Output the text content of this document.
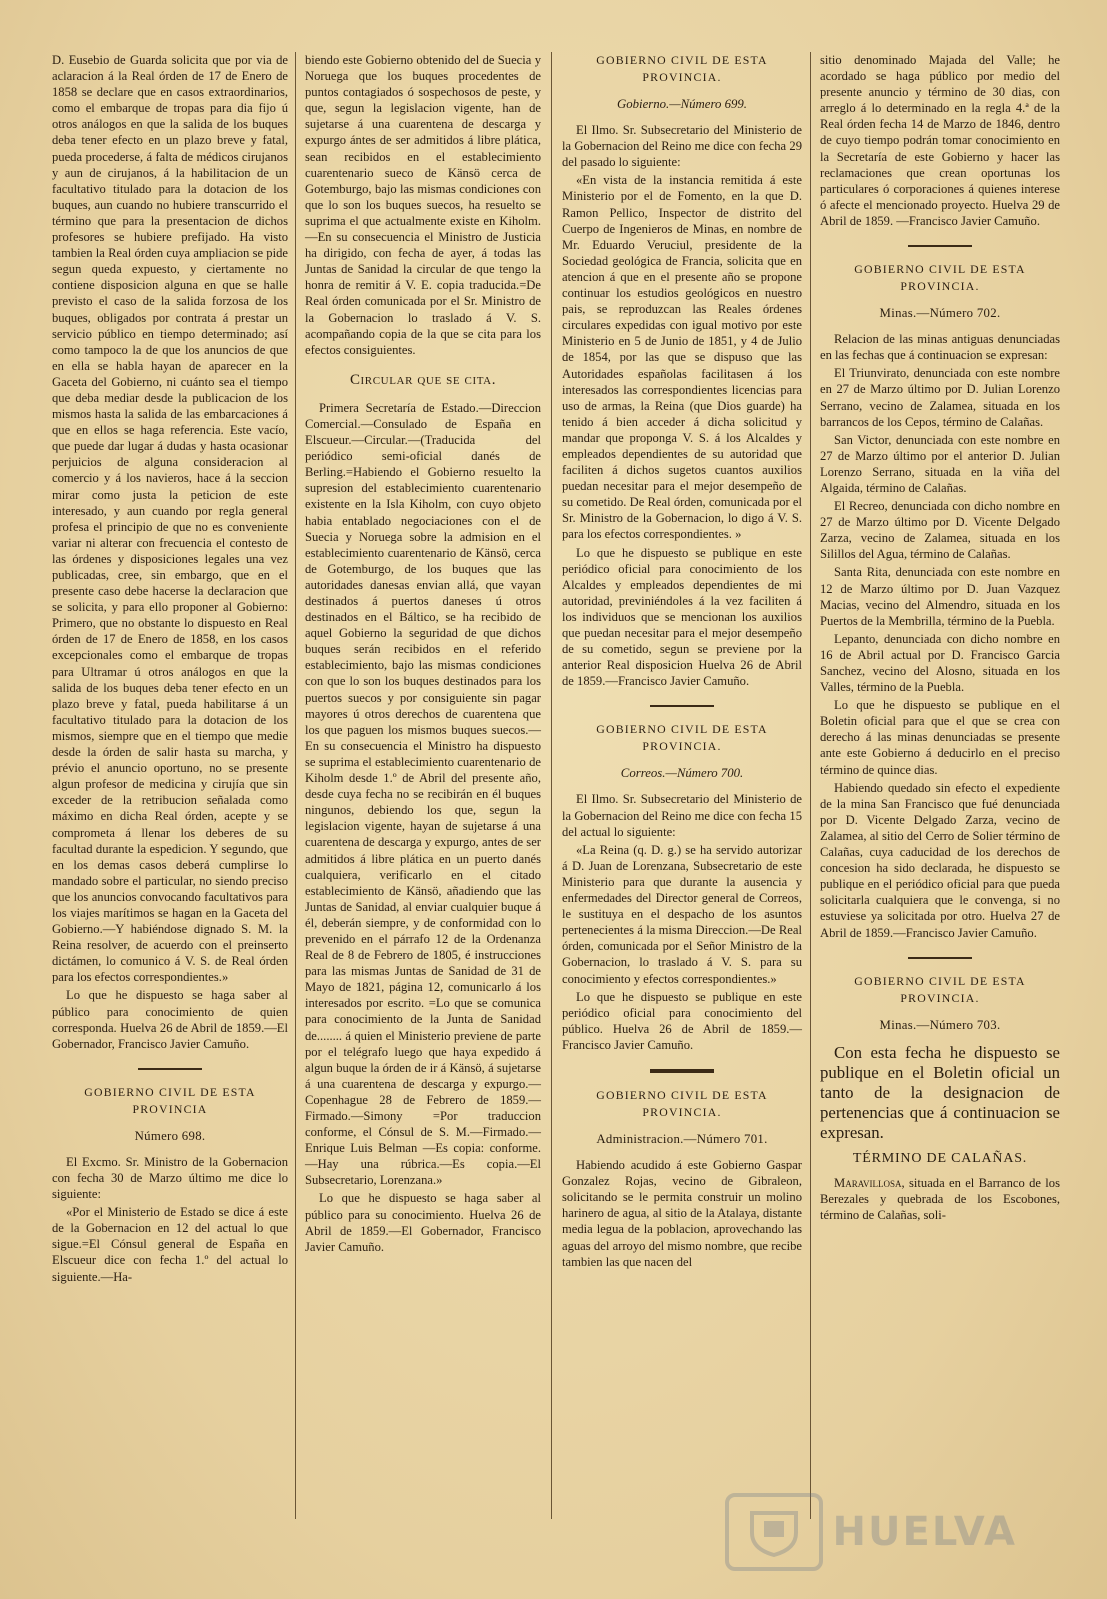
D. Eusebio de Guarda solicita que por via de aclaracion á la Real órden de 17 de Enero de 1858 se declare que en casos extraordinarios, como el embarque de tropas para dia fijo ú otros análogos en que la salida de los buques deba tener efecto en un plazo breve y fatal, pueda procederse, á falta de médicos cirujanos y aun de cirujanos, á la habilitacion de un facultativo titulado para la dotacion de los buques, aun cuando no hubiere transcurrido el término que para la presentacion de dichos profesores se hubiere prefijado. Ha visto tambien la Real órden cuya ampliacion se pide segun queda expuesto, y ciertamente no contiene disposicion alguna en que se halle previsto el caso de la salida forzosa de los buques, obligados por contrata á prestar un servicio público en tiempo determinado; así como tampoco la de que los anuncios de que en ella se habla hayan de aparecer en la Gaceta del Gobierno, ni cuánto sea el tiempo que deba mediar desde la publicacion de los mismos hasta la salida de las embarcaciones á que en ellos se haga referencia. Este vacío, que puede dar lugar á dudas y hasta ocasionar perjuicios de alguna consideracion al comercio y á los navieros, hace á la seccion mirar como justa la peticion de este interesado, y aun cuando por regla general profesa el principio de que no es conveniente variar ni alterar con frecuencia el contesto de las órdenes y disposiciones legales una vez publicadas, cree, sin embargo, que en el presente caso debe hacerse la declaracion que se solicita, y para ello proponer al Gobierno: Primero, que no obstante lo dispuesto en Real órden de 17 de Enero de 1858, en los casos excepcionales como el embarque de tropas para Ultramar ú otros análogos en que la salida de los buques deba tener efecto en un plazo breve y fatal, pueda habilitarse á un facultativo titulado para la dotacion de los mismos, siempre que en el tiempo que medie desde la órden de salir hasta su marcha, y prévio el anuncio oportuno, no se presente algun profesor de medicina y cirujía que sin exceder de la retribucion señalada como máximo en dicha Real órden, acepte y se comprometa á llenar los deberes de su facultad durante la espedicion. Y segundo, que en los demas casos deberá cumplirse lo mandado sobre el particular, no siendo preciso que los anuncios convocando facultativos para los viajes marítimos se hagan en la Gaceta del Gobierno.—Y habiéndose dignado S. M. la Reina resolver, de acuerdo con el preinserto dictámen, lo comunico á V. S. de Real órden para los efectos correspondientes.»

Lo que he dispuesto se haga saber al público para conocimiento de quien corresponda. Huelva 26 de Abril de 1859.—El Gobernador, Francisco Javier Camuño.

GOBIERNO CIVIL DE ESTA PROVINCIA
Número 698.

El Excmo. Sr. Ministro de la Gobernacion con fecha 30 de Marzo último me dice lo siguiente:

«Por el Ministerio de Estado se dice á este de la Gobernacion en 12 del actual lo que sigue.=El Cónsul general de España en Elscueur dice con fecha 1.º del actual lo siguiente.—Ha-

biendo este Gobierno obtenido del de Suecia y Noruega que los buques procedentes de puntos contagiados ó sospechosos de peste, y que, segun la legislacion vigente, han de sujetarse á una cuarentena de descarga y expurgo ántes de ser admitidos á libre plática, sean recibidos en el establecimiento cuarentenario sueco de Känsö cerca de Gotemburgo, bajo las mismas condiciones con que lo son los buques suecos, ha resuelto se suprima el que actualmente existe en Kiholm.—En su consecuencia el Ministro de Justicia ha dirigido, con fecha de ayer, á todas las Juntas de Sanidad la circular de que tengo la honra de remitir á V. E. copia traducida.=De Real órden comunicada por el Sr. Ministro de la Gobernacion lo traslado á V. S. acompañando copia de la que se cita para los efectos consiguientes.

Circular que se cita.

Primera Secretaría de Estado.—Direccion Comercial.—Consulado de España en Elscueur.—Circular.—(Traducida del periódico semi-oficial danés de Berling.=Habiendo el Gobierno resuelto la supresion del establecimiento cuarentenario existente en la Isla Kiholm, con cuyo objeto habia entablado negociaciones con el de Suecia y Noruega sobre la admision en el establecimiento cuarentenario de Känsö, cerca de Gotemburgo, de los buques que las autoridades danesas envian allá, que vayan destinados á puertos daneses ú otros destinados en el Báltico, se ha recibido de aquel Gobierno la seguridad de que dichos buques serán recibidos en el referido establecimiento, bajo las mismas condiciones con que lo son los buques destinados para los puertos suecos y por consiguiente sin pagar mayores ú otros derechos de cuarentena que los que paguen los mismos buques suecos.—En su consecuencia el Ministro ha dispuesto se suprima el establecimiento cuarentenario de Kiholm desde 1.º de Abril del presente año, desde cuya fecha no se recibirán en él buques ningunos, debiendo los que, segun la legislacion vigente, hayan de sujetarse á una cuarentena de descarga y expurgo, antes de ser admitidos á libre plática en un puerto danés cualquiera, verificarlo en el citado establecimiento de Känsö, añadiendo que las Juntas de Sanidad, al enviar cualquier buque á él, deberán siempre, y de conformidad con lo prevenido en el párrafo 12 de la Ordenanza Real de 8 de Febrero de 1805, é instrucciones para las mismas Juntas de Sanidad de 31 de Mayo de 1821, página 12, comunicarlo á los interesados por escrito. =Lo que se comunica para conocimiento de la Junta de Sanidad de........ á quien el Ministerio previene de parte por el telégrafo luego que haya expedido á algun buque la órden de ir á Känsö, á sujetarse á una cuarentena de descarga y expurgo.—Copenhague 28 de Febrero de 1859.—Firmado.—Simony =Por traduccion conforme, el Cónsul de S. M.—Firmado.—Enrique Luis Belman —Es copia: conforme.—Hay una rúbrica.—Es copia.—El Subsecretario, Lorenzana.»

Lo que he dispuesto se haga saber al público para su conocimiento. Huelva 26 de Abril de 1859.—El Gobernador, Francisco Javier Camuño.

GOBIERNO CIVIL DE ESTA PROVINCIA.
Gobierno.—Número 699.

El Ilmo. Sr. Subsecretario del Ministerio de la Gobernacion del Reino me dice con fecha 29 del pasado lo siguiente:

«En vista de la instancia remitida á este Ministerio por el de Fomento, en la que D. Ramon Pellico, Inspector de distrito del Cuerpo de Ingenieros de Minas, en nombre de Mr. Eduardo Veruciul, presidente de la Sociedad geológica de Francia, solicita que en atencion á que en el presente año se propone continuar los estudios geológicos en nuestro pais, se reproduzcan las Reales órdenes circulares expedidas con igual motivo por este Ministerio en 5 de Junio de 1851, y 4 de Julio de 1854, por las que se dispuso que las Autoridades españolas facilitasen á los interesados las correspondientes licencias para uso de armas, la Reina (que Dios guarde) ha tenido á bien acceder á dicha solicitud y mandar que proponga V. S. á los Alcaldes y empleados dependientes de su autoridad que faciliten á dichos sugetos cuantos auxilios puedan necesitar para el mejor desempeño de su cometido. De Real órden, comunicada por el Sr. Ministro de la Gobernacion, lo digo á V. S. para los efectos correspondientes. »

Lo que he dispuesto se publique en este periódico oficial para conocimiento de los Alcaldes y empleados dependientes de mi autoridad, previniéndoles á la vez faciliten á los individuos que se mencionan los auxilios que puedan necesitar para el mejor desempeño de su cometido, segun se previene por la anterior Real disposicion Huelva 26 de Abril de 1859.—Francisco Javier Camuño.

GOBIERNO CIVIL DE ESTA PROVINCIA.
Correos.—Número 700.

El Ilmo. Sr. Subsecretario del Ministerio de la Gobernacion del Reino me dice con fecha 15 del actual lo siguiente:

«La Reina (q. D. g.) se ha servido autorizar á D. Juan de Lorenzana, Subsecretario de este Ministerio para que durante la ausencia y enfermedades del Director general de Correos, le sustituya en el despacho de los asuntos pertenecientes á la misma Direccion.—De Real órden, comunicada por el Señor Ministro de la Gobernacion, lo traslado á V. S. para su conocimiento y efectos correspondientes.»

Lo que he dispuesto se publique en este periódico oficial para conocimiento del público. Huelva 26 de Abril de 1859.—Francisco Javier Camuño.

GOBIERNO CIVIL DE ESTA PROVINCIA.
Administracion.—Número 701.

Habiendo acudido á este Gobierno Gaspar Gonzalez Rojas, vecino de Gibraleon, solicitando se le permita construir un molino harinero de agua, al sitio de la Atalaya, distante media legua de la poblacion, aprovechando las aguas del arroyo del mismo nombre, que recibe tambien las que nacen del

sitio denominado Majada del Valle; he acordado se haga público por medio del presente anuncio y término de 30 dias, con arreglo á lo determinado en la regla 4.ª de la Real órden fecha 14 de Marzo de 1846, dentro de cuyo tiempo podrán tomar conocimiento en la Secretaría de este Gobierno y hacer las reclamaciones que crean oportunas los particulares ó corporaciones á quienes interese ó afecte el mencionado proyecto. Huelva 29 de Abril de 1859. —Francisco Javier Camuño.

GOBIERNO CIVIL DE ESTA PROVINCIA.
Minas.—Número 702.

Relacion de las minas antiguas denunciadas en las fechas que á continuacion se expresan:

El Triunvirato, denunciada con este nombre en 27 de Marzo último por D. Julian Lorenzo Serrano, vecino de Zalamea, situada en los barrancos de los Cepos, término de Calañas.

San Victor, denunciada con este nombre en 27 de Marzo último por el anterior D. Julian Lorenzo Serrano, situada en la viña del Algaida, término de Calañas.

El Recreo, denunciada con dicho nombre en 27 de Marzo último por D. Vicente Delgado Zarza, vecino de Zalamea, situada en los Silillos del Agua, término de Calañas.

Santa Rita, denunciada con este nombre en 12 de Marzo último por D. Juan Vazquez Macias, vecino del Almendro, situada en los Puertos de la Membrilla, término de la Puebla.

Lepanto, denunciada con dicho nombre en 16 de Abril actual por D. Francisco Garcia Sanchez, vecino del Alosno, situada en los Valles, término de la Puebla.

Lo que he dispuesto se publique en el Boletin oficial para que el que se crea con derecho á las minas denunciadas se presente ante este Gobierno á deducirlo en el preciso término de quince dias.

Habiendo quedado sin efecto el expediente de la mina San Francisco que fué denunciada por D. Vicente Delgado Zarza, vecino de Zalamea, al sitio del Cerro de Solier término de Calañas, cuya caducidad de los derechos de concesion ha sido declarada, he dispuesto se publique en el periódico oficial para que pueda solicitarla cualquiera que le convenga, si no estuviese ya solicitada por otro. Huelva 27 de Abril de 1859.—Francisco Javier Camuño.

GOBIERNO CIVIL DE ESTA PROVINCIA.
Minas.—Número 703.

Con esta fecha he dispuesto se publique en el Boletin oficial un tanto de la designacion de pertenencias que á continuacion se expresan.

TÉRMINO DE CALAÑAS.

Maravillosa, situada en el Barranco de los Berezales y quebrada de los Escobones, término de Calañas, soli-

HUELVA
